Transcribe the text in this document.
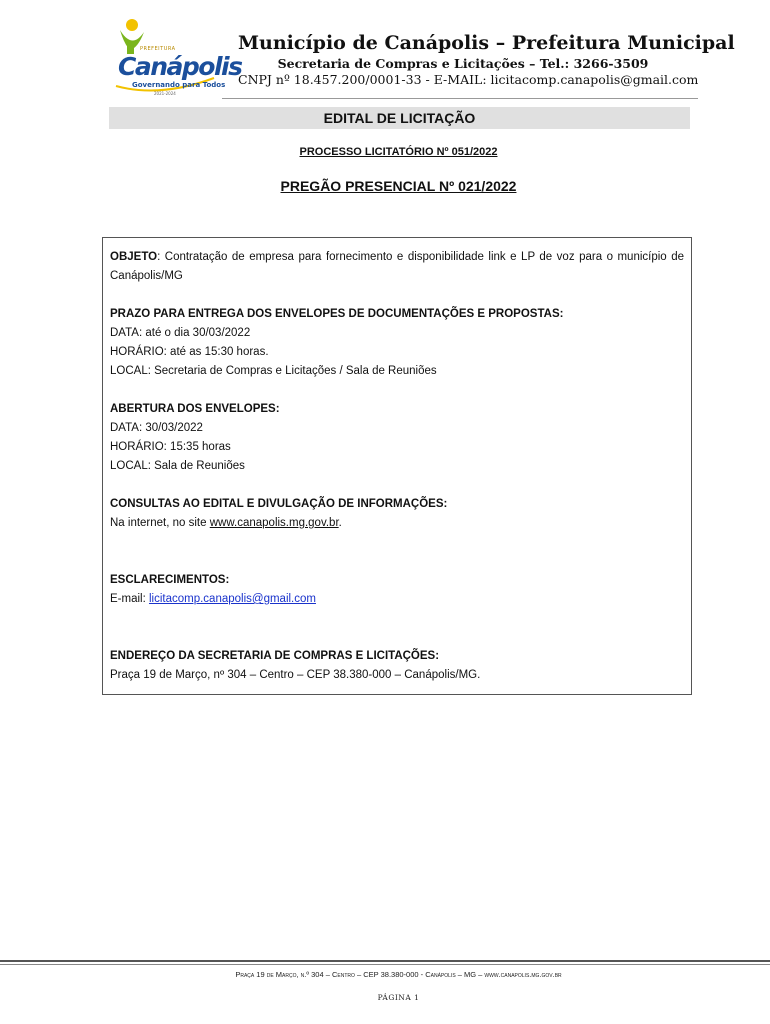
PREFEITURA
Canápolis
Governando para Todos
2021-2024
Município de Canápolis – Prefeitura Municipal
Secretaria de Compras e Licitações – Tel.: 3266-3509
CNPJ nº 18.457.200/0001-33 - E-MAIL: licitacomp.canapolis@gmail.com
EDITAL DE LICITAÇÃO
PROCESSO LICITATÓRIO Nº 051/2022
PREGÃO PRESENCIAL Nº 021/2022

OBJETO: Contratação de empresa para fornecimento e disponibilidade link e LP de voz para o município de Canápolis/MG

PRAZO PARA ENTREGA DOS ENVELOPES DE DOCUMENTAÇÕES E PROPOSTAS:

DATA: até o dia 30/03/2022

HORÁRIO: até as 15:30 horas.

LOCAL: Secretaria de Compras e Licitações / Sala de Reuniões

ABERTURA DOS ENVELOPES:

DATA: 30/03/2022

HORÁRIO: 15:35 horas

LOCAL: Sala de Reuniões

CONSULTAS AO EDITAL E DIVULGAÇÃO DE INFORMAÇÕES:

Na internet, no site www.canapolis.mg.gov.br.

ESCLARECIMENTOS:

E-mail: licitacomp.canapolis@gmail.com

ENDEREÇO DA SECRETARIA DE COMPRAS E LICITAÇÕES:

Praça 19 de Março, nº 304 – Centro – CEP 38.380-000 – Canápolis/MG.

Praça 19 de Março, n.º 304 – Centro – CEP 38.380-000 - Canápolis – MG – www.canapolis.mg.gov.br
PÁGINA 1
